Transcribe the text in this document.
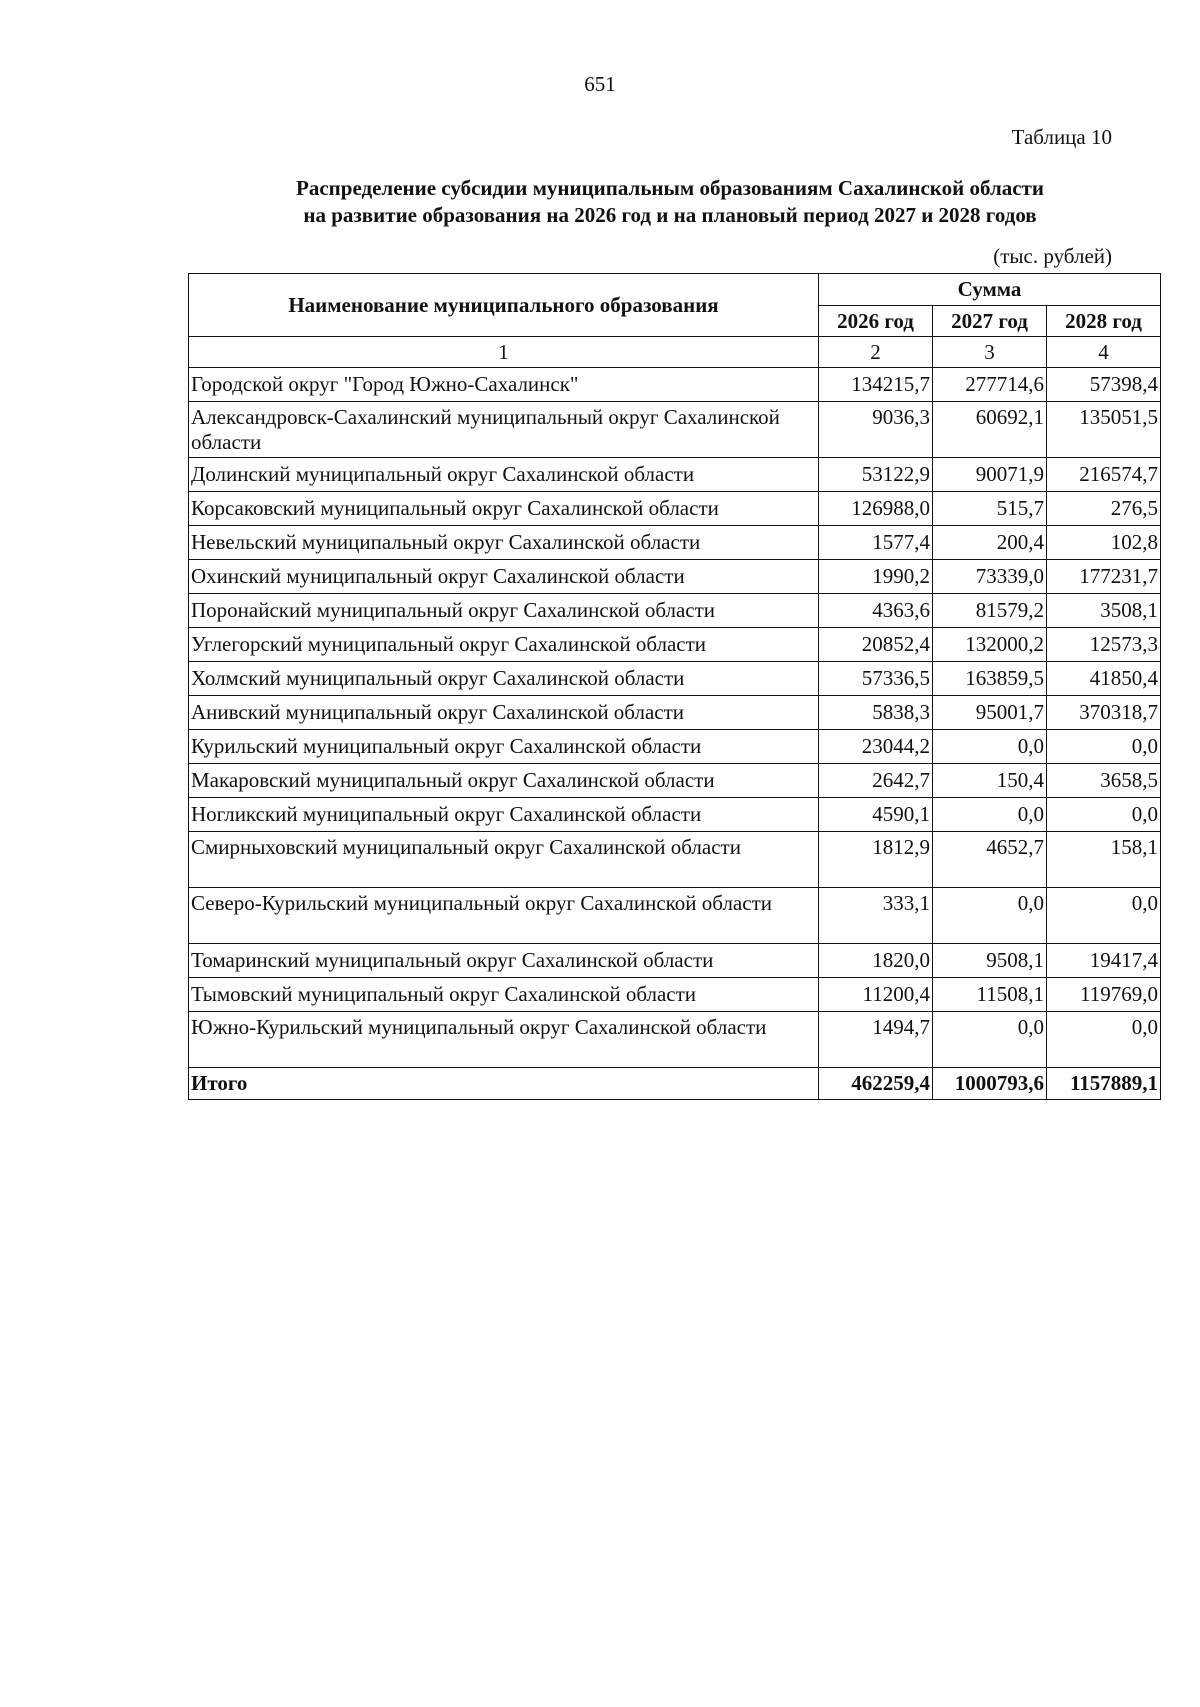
651
Таблица 10
Распределение субсидии муниципальным образованиям Сахалинской области
на развитие образования на 2026 год и на плановый период 2027 и 2028 годов
(тыс. рублей)
Наименование муниципального образования	Сумма		
	2026 год	2027 год	2028 год
1	2	3	4
Городской округ "Город Южно-Сахалинск"	134215,7	277714,6	57398,4
Александровск-Сахалинский муниципальный округ Сахалинской области	9036,3	60692,1	135051,5
Долинский муниципальный округ Сахалинской области	53122,9	90071,9	216574,7
Корсаковский муниципальный округ Сахалинской области	126988,0	515,7	276,5
Невельский муниципальный округ Сахалинской области	1577,4	200,4	102,8
Охинский муниципальный округ Сахалинской области	1990,2	73339,0	177231,7
Поронайский муниципальный округ Сахалинской области	4363,6	81579,2	3508,1
Углегорский муниципальный округ Сахалинской области	20852,4	132000,2	12573,3
Холмский муниципальный округ Сахалинской области	57336,5	163859,5	41850,4
Анивский муниципальный округ Сахалинской области	5838,3	95001,7	370318,7
Курильский муниципальный округ Сахалинской области	23044,2	0,0	0,0
Макаровский муниципальный округ Сахалинской области	2642,7	150,4	3658,5
Ногликский муниципальный округ Сахалинской области	4590,1	0,0	0,0
Смирныховский муниципальный округ Сахалинской области	1812,9	4652,7	158,1
Северо-Курильский муниципальный округ Сахалинской области	333,1	0,0	0,0
Томаринский муниципальный округ Сахалинской области	1820,0	9508,1	19417,4
Тымовский муниципальный округ Сахалинской области	11200,4	11508,1	119769,0
Южно-Курильский муниципальный округ Сахалинской области	1494,7	0,0	0,0
Итого	462259,4	1000793,6	1157889,1
